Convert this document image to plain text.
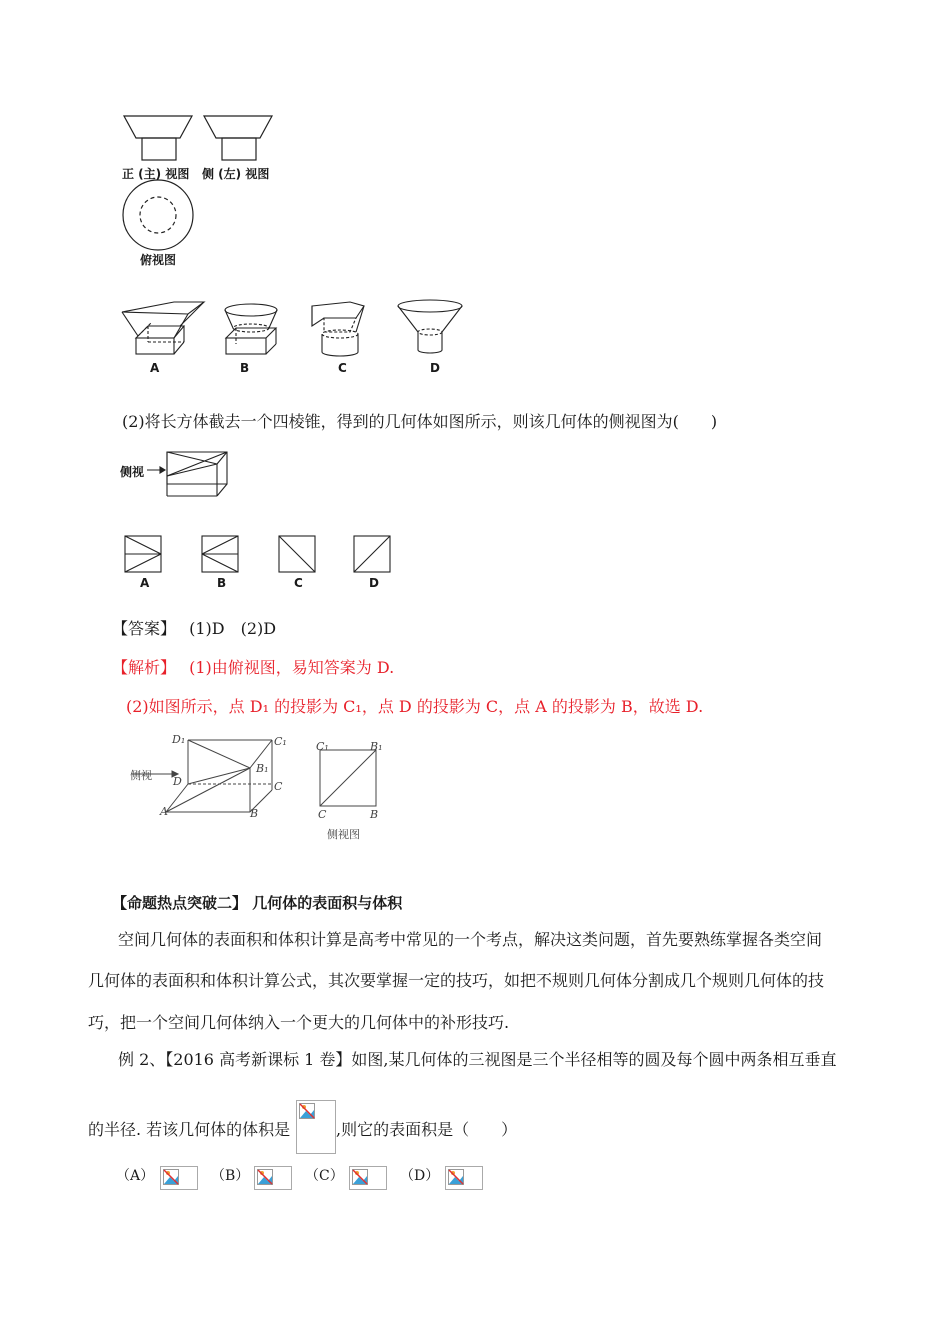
正 (主) 视图 侧 (左) 视图
俯视图
A	B	C	D
(2)将长方体截去一个四棱锥，得到的几何体如图所示，则该几何体的侧视图为(　　)
侧视
A	B	C	D
【答案】 (1)D　(2)D
【解析】 (1)由俯视图，易知答案为 D.
(2)如图所示，点 D₁ 的投影为 C₁，点 D 的投影为 C，点 A 的投影为 B，故选 D.
D₁	C₁
B₁
D	C
A	B
C₁	B₁
C	B
侧视
侧视图
【命题热点突破二】 几何体的表面积与体积
空间几何体的表面积和体积计算是高考中常见的一个考点，解决这类问题，首先要熟练掌握各类空间
几何体的表面积和体积计算公式，其次要掌握一定的技巧，如把不规则几何体分割成几个规则几何体的技
巧，把一个空间几何体纳入一个更大的几何体中的补形技巧.
例 2、【2016 高考新课标 1 卷】如图,某几何体的三视图是三个半径相等的圆及每个圆中两条相互垂直
的半径. 若该几何体的体积是	,则它的表面积是（　　）
（A）	（B）	（C）	（D）
